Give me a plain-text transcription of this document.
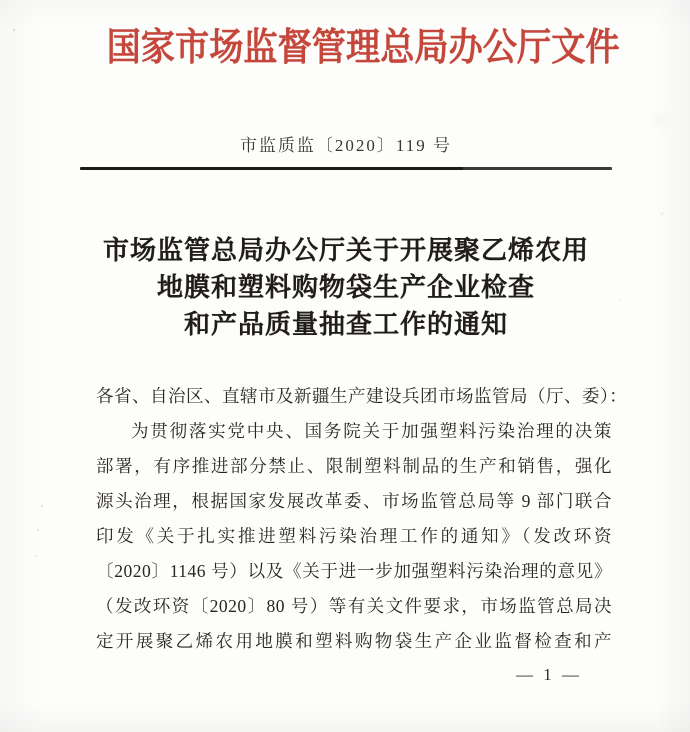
国家市场监督管理总局办公厅文件
市监质监〔2020〕119 号
市场监管总局办公厅关于开展聚乙烯农用
地膜和塑料购物袋生产企业检查
和产品质量抽查工作的通知
各省、自治区、直辖市及新疆生产建设兵团市场监管局（厅、委）：
为贯彻落实党中央、国务院关于加强塑料污染治理的决策
部署，有序推进部分禁止、限制塑料制品的生产和销售，强化
源头治理，根据国家发展改革委、市场监管总局等 9 部门联合
印发《关于扎实推进塑料污染治理工作的通知》（发改环资
〔2020〕1146 号）以及《关于进一步加强塑料污染治理的意见》
（发改环资〔2020〕80 号）等有关文件要求，市场监管总局决
定开展聚乙烯农用地膜和塑料购物袋生产企业监督检查和产
— 1 —
